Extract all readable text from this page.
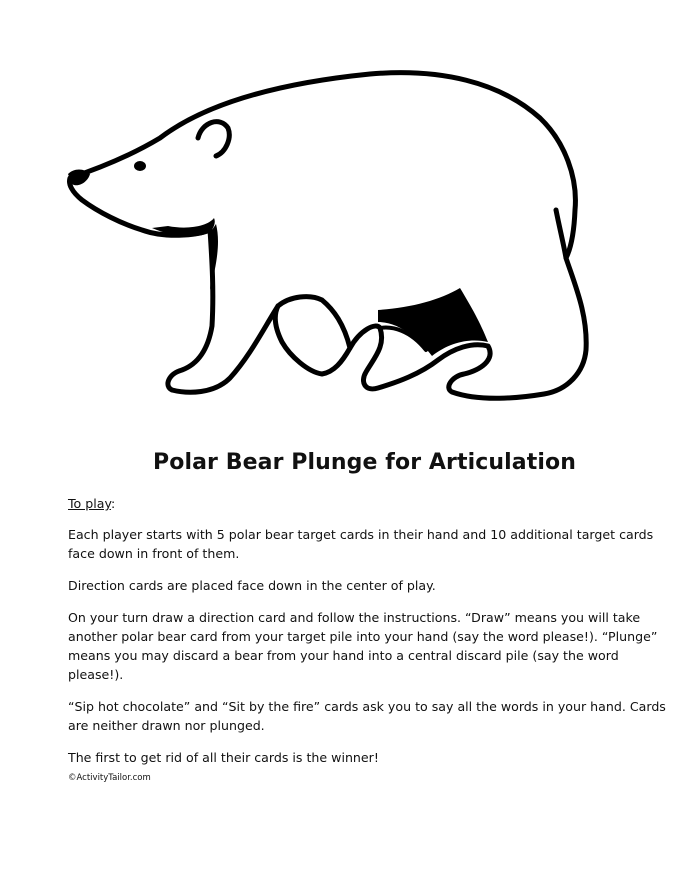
Polar Bear Plunge for Articulation
To play:

Each player starts with 5 polar bear target cards in their hand and 10 additional target cards face down in front of them.

Direction cards are placed face down in the center of play.

On your turn draw a direction card and follow the instructions. “Draw” means you will take another polar bear card from your target pile into your hand (say the word please!). “Plunge” means you may discard a bear from your hand into a central discard pile (say the word please!).

“Sip hot chocolate” and “Sit by the fire” cards ask you to say all the words in your hand. Cards are neither drawn nor plunged.

The first to get rid of all their cards is the winner!

©ActivityTailor.com
